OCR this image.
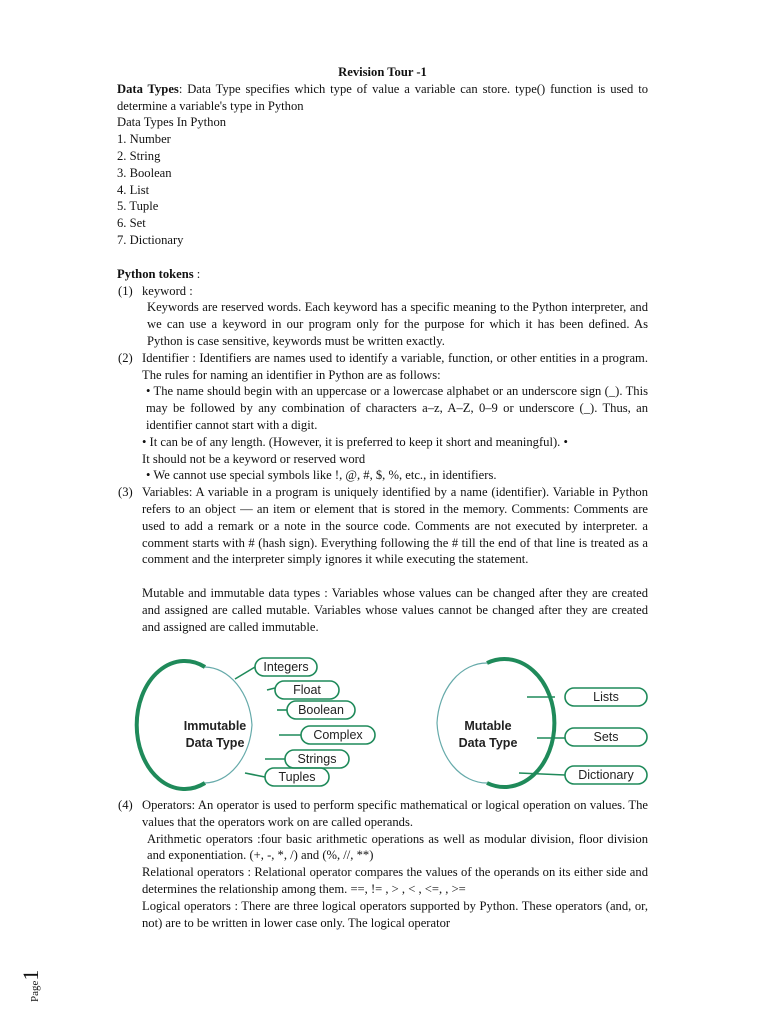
Revision Tour -1
Data Types: Data Type specifies which type of value a variable can store. type() function is used to determine a variable's type in Python
Data Types In Python
1. Number
2. String
3. Boolean
4. List
5. Tuple
6. Set
7. Dictionary
Python tokens :
(1) keyword :
Keywords are reserved words. Each keyword has a specific meaning to the Python interpreter, and we can use a keyword in our program only for the purpose for which it has been defined. As Python is case sensitive, keywords must be written exactly.
(2) Identifier : Identifiers are names used to identify a variable, function, or other entities in a program. The rules for naming an identifier in Python are as follows:
• The name should begin with an uppercase or a lowercase alphabet or an underscore sign (_). This may be followed by any combination of characters a–z, A–Z, 0–9 or underscore (_). Thus, an identifier cannot start with a digit.
• It can be of any length. (However, it is preferred to keep it short and meaningful). •
It should not be a keyword or reserved word
• We cannot use special symbols like !, @, #, $, %, etc., in identifiers.
(3) Variables: A variable in a program is uniquely identified by a name (identifier). Variable in Python refers to an object — an item or element that is stored in the memory. Comments: Comments are used to add a remark or a note in the source code. Comments are not executed by interpreter. a comment starts with # (hash sign). Everything following the # till the end of that line is treated as a comment and the interpreter simply ignores it while executing the statement.
Mutable and immutable data types : Variables whose values can be changed after they are created and assigned are called mutable. Variables whose values cannot be changed after they are created and assigned are called immutable.
Immutable
Data Type
Integers
Float
Boolean
Complex
Strings
Tuples
Mutable
Data Type
Lists
Sets
Dictionary
(4) Operators: An operator is used to perform specific mathematical or logical operation on values. The values that the operators work on are called operands.
Arithmetic operators :four basic arithmetic operations as well as modular division, floor division and exponentiation. (+, -, *, /) and (%, //, **)
Relational operators : Relational operator compares the values of the operands on its either side and determines the relationship among them. ==, != , > , < , <=, , >=
Logical operators : There are three logical operators supported by Python. These operators (and, or, not) are to be written in lower case only. The logical operator
Page1
